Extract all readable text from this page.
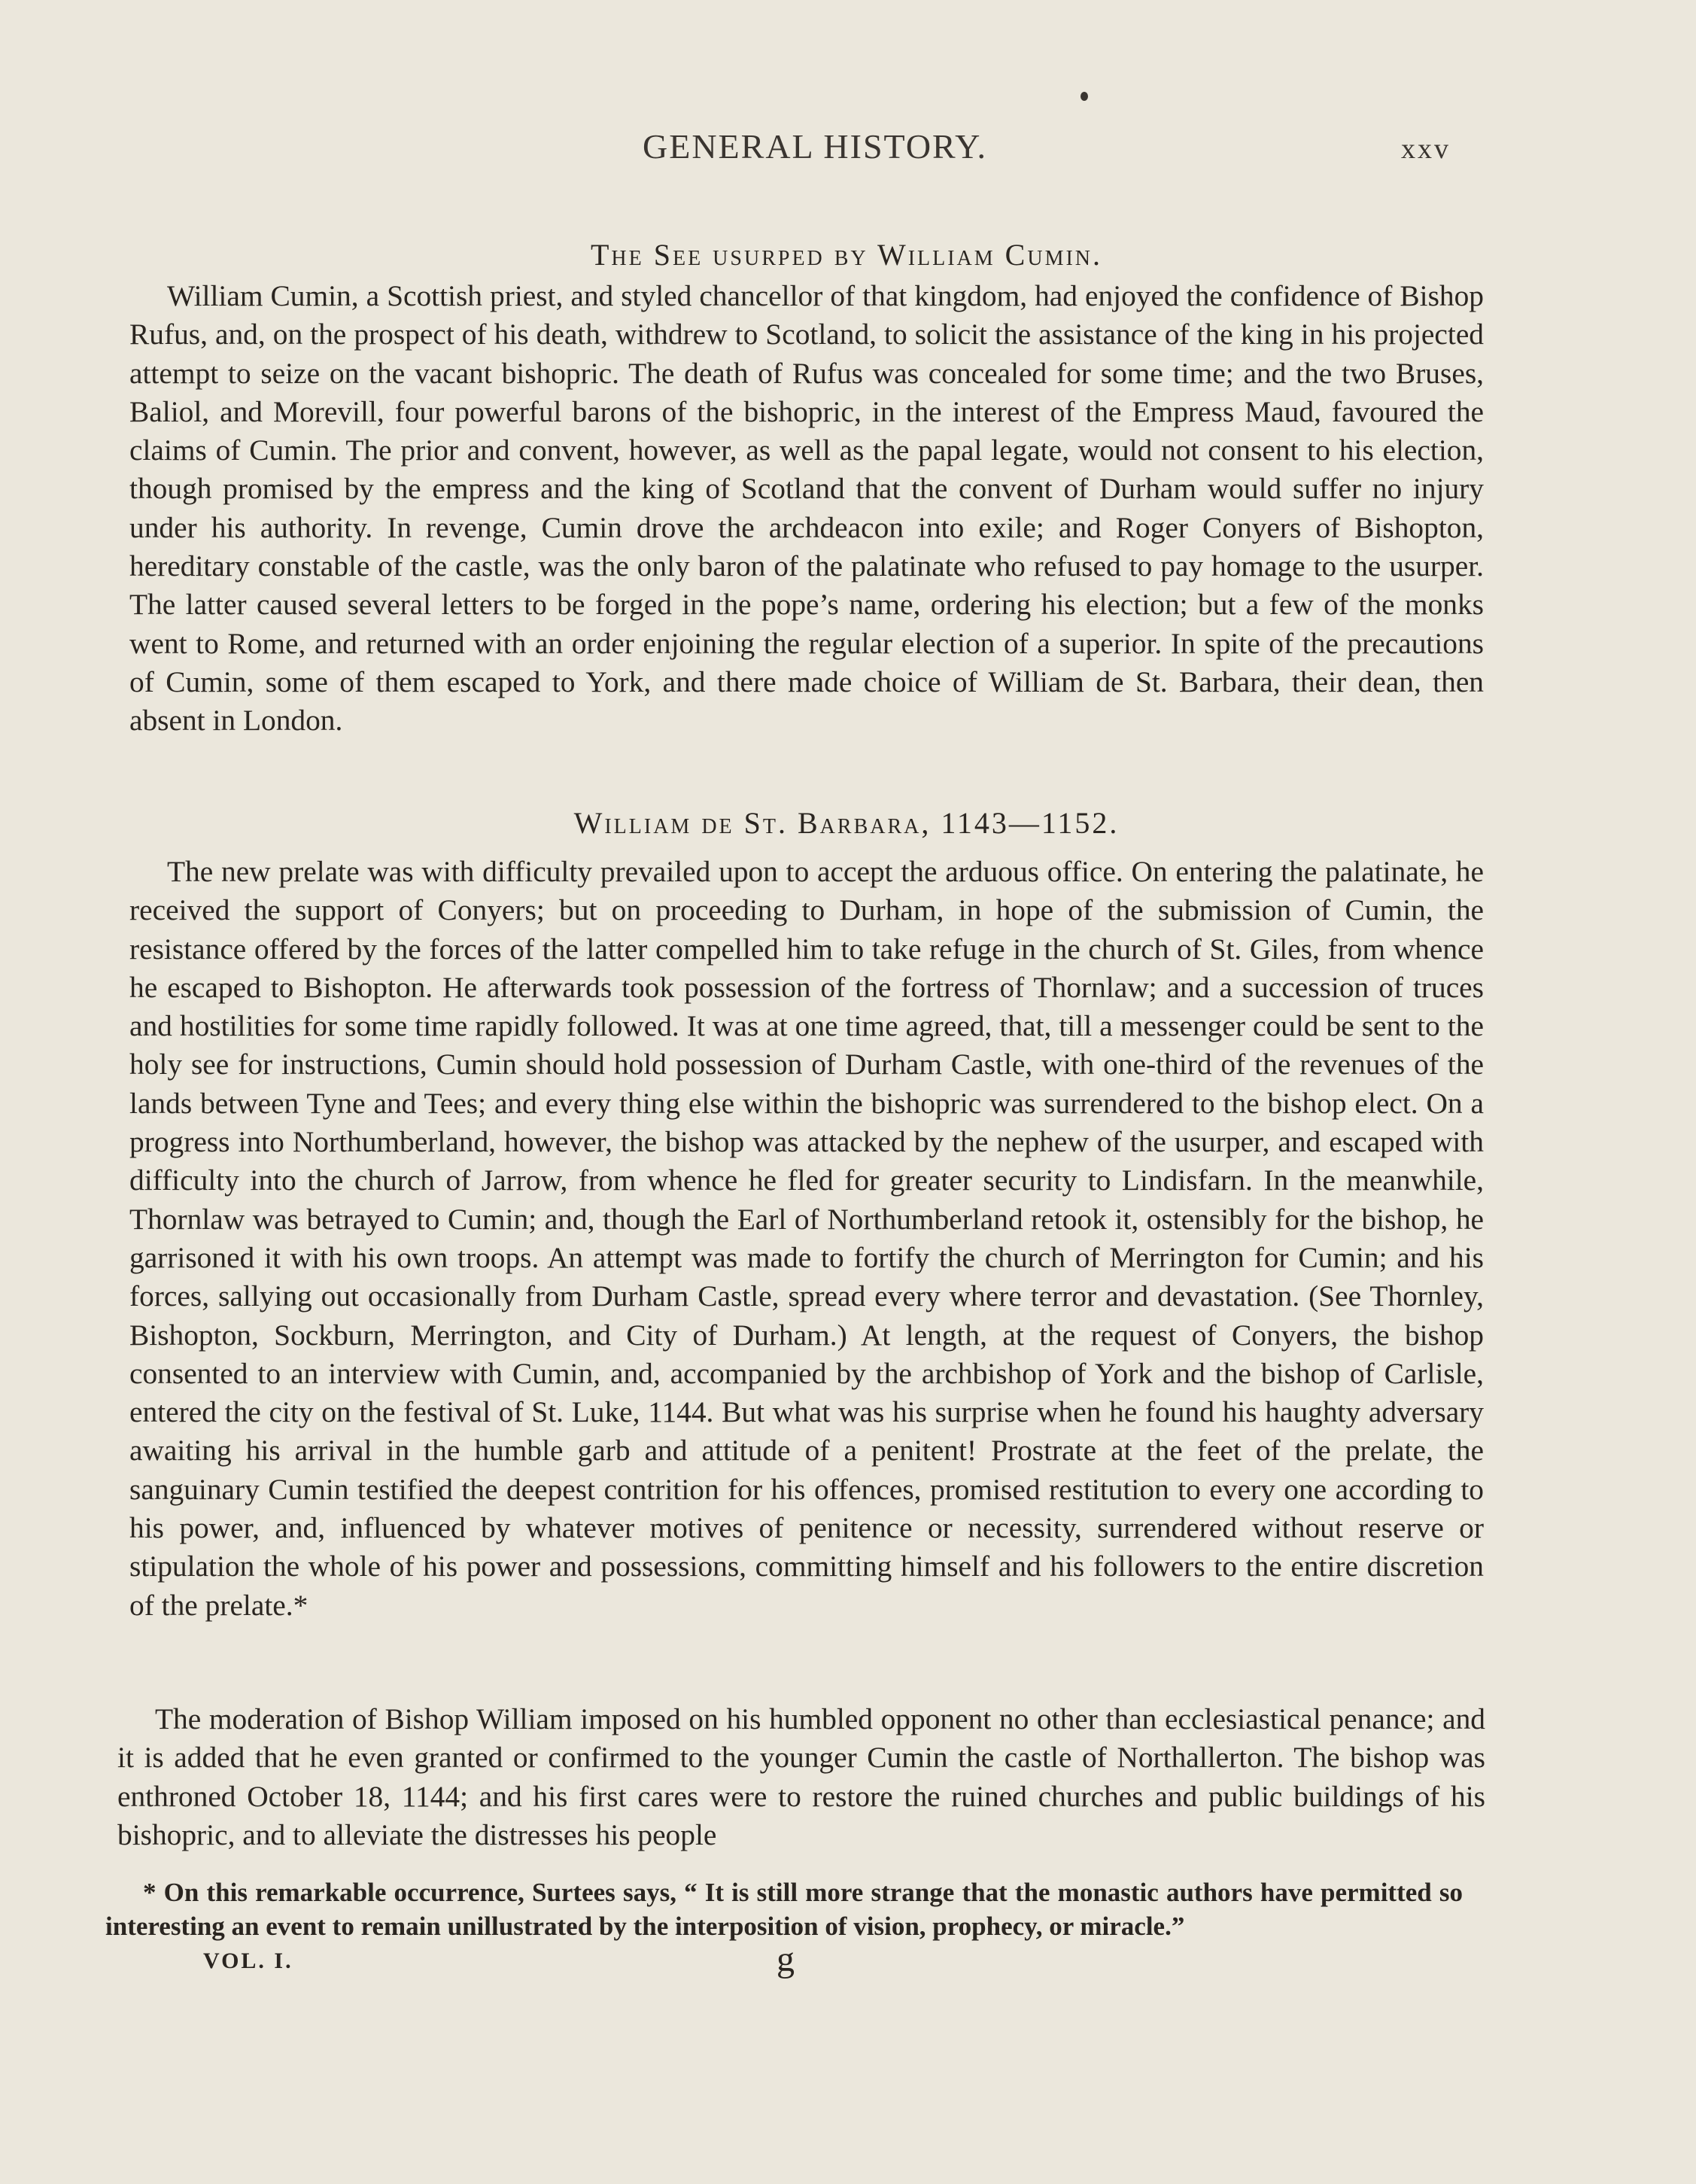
GENERAL HISTORY.	xxv
The See usurped by William Cumin.

William Cumin, a Scottish priest, and styled chancellor of that kingdom, had enjoyed the confidence of Bishop Rufus, and, on the prospect of his death, withdrew to Scotland, to solicit the assistance of the king in his projected attempt to seize on the vacant bishopric. The death of Rufus was concealed for some time; and the two Bruses, Baliol, and Morevill, four powerful barons of the bishopric, in the interest of the Empress Maud, favoured the claims of Cumin. The prior and convent, however, as well as the papal legate, would not consent to his election, though promised by the empress and the king of Scotland that the convent of Durham would suffer no injury under his authority. In revenge, Cumin drove the archdeacon into exile; and Roger Conyers of Bishopton, hereditary constable of the castle, was the only baron of the palatinate who refused to pay homage to the usurper. The latter caused several letters to be forged in the pope’s name, ordering his election; but a few of the monks went to Rome, and returned with an order enjoining the regular election of a superior. In spite of the precautions of Cumin, some of them escaped to York, and there made choice of William de St. Barbara, their dean, then absent in London.

William de St. Barbara, 1143—1152.

The new prelate was with difficulty prevailed upon to accept the arduous office. On entering the palatinate, he received the support of Conyers; but on proceeding to Durham, in hope of the submission of Cumin, the resistance offered by the forces of the latter compelled him to take refuge in the church of St. Giles, from whence he escaped to Bishopton. He afterwards took possession of the fortress of Thornlaw; and a succession of truces and hostilities for some time rapidly followed. It was at one time agreed, that, till a messenger could be sent to the holy see for instructions, Cumin should hold possession of Durham Castle, with one-third of the revenues of the lands between Tyne and Tees; and every thing else within the bishopric was surrendered to the bishop elect. On a progress into Northumberland, however, the bishop was attacked by the nephew of the usurper, and escaped with difficulty into the church of Jarrow, from whence he fled for greater security to Lindisfarn. In the meanwhile, Thornlaw was betrayed to Cumin; and, though the Earl of Northumberland retook it, ostensibly for the bishop, he garrisoned it with his own troops. An attempt was made to fortify the church of Merrington for Cumin; and his forces, sallying out occasionally from Durham Castle, spread every where terror and devastation. (See Thornley, Bishopton, Sockburn, Merrington, and City of Durham.) At length, at the request of Conyers, the bishop consented to an interview with Cumin, and, accompanied by the archbishop of York and the bishop of Carlisle, entered the city on the festival of St. Luke, 1144. But what was his surprise when he found his haughty adversary awaiting his arrival in the humble garb and attitude of a penitent! Prostrate at the feet of the prelate, the sanguinary Cumin testified the deepest contrition for his offences, promised restitution to every one according to his power, and, influenced by whatever motives of penitence or necessity, surrendered without reserve or stipulation the whole of his power and possessions, committing himself and his followers to the entire discretion of the prelate.*

The moderation of Bishop William imposed on his humbled opponent no other than ecclesiastical penance; and it is added that he even granted or confirmed to the younger Cumin the castle of Northallerton. The bishop was enthroned October 18, 1144; and his first cares were to restore the ruined churches and public buildings of his bishopric, and to alleviate the distresses his people

* On this remarkable occurrence, Surtees says, “ It is still more strange that the monastic authors have permitted so interesting an event to remain unillustrated by the interposition of vision, prophecy, or miracle.”

VOL. I.	g
